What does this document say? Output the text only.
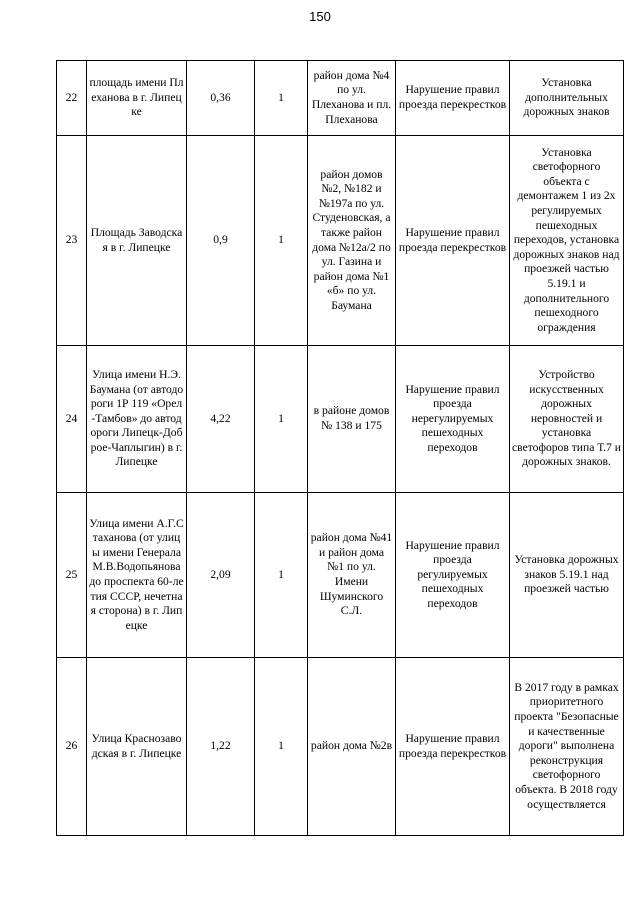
150
22	площадь имени Плеханова в г. Липецке	0,36	1	район дома №4 по ул. Плеханова и пл. Плеханова	Нарушение правил проезда перекрестков	Установка дополнительных дорожных знаков
23	Площадь Заводская в г. Липецке	0,9	1	район домов №2, №182 и №197а по ул. Студеновская, а также район дома №12а/2 по ул. Газина и район дома №1 «б» по ул. Баумана	Нарушение правил проезда перекрестков	Установка светофорного объекта с демонтажем 1 из 2х регулируемых пешеходных переходов, установка дорожных знаков над проезжей частью 5.19.1 и дополнительного пешеходного ограждения
24	Улица имени Н.Э.Баумана (от автодороги 1Р 119 «Орел-Тамбов» до автодороги Липецк-Доброе-Чаплыгин) в г. Липецке	4,22	1	в районе домов № 138 и 175	Нарушение правил проезда нерегулируемых пешеходных переходов	Устройство искусственных дорожных неровностей и установка светофоров типа Т.7 и дорожных знаков.
25	Улица имени А.Г.Стаханова (от улицы имени Генерала М.В.Водопьянова до проспекта 60-летия СССР, нечетная сторона) в г. Липецке	2,09	1	район дома №41 и район дома №1 по ул. Имени Шуминского С.Л.	Нарушение правил проезда регулируемых пешеходных переходов	Установка дорожных знаков 5.19.1 над проезжей частью
26	Улица Краснозаводская в г. Липецке	1,22	1	район дома №2в	Нарушение правил проезда перекрестков	В 2017 году в рамках приоритетного проекта "Безопасные и качественные дороги" выполнена реконструкция светофорного объекта. В 2018 году осуществляется
